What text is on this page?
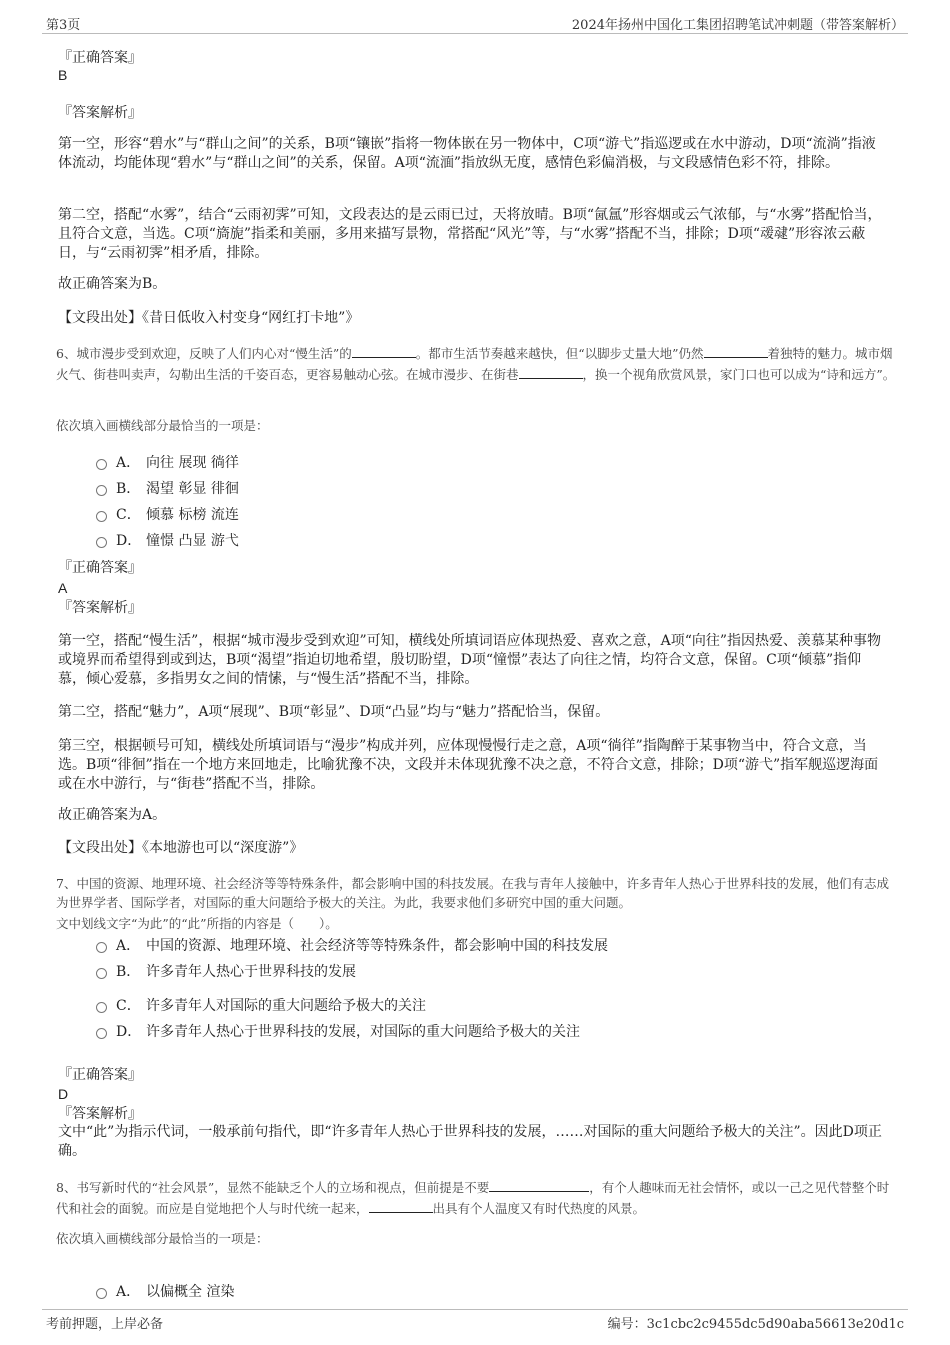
第3页	2024年扬州中国化工集团招聘笔试冲刺题（带答案解析）
『正确答案』
B
『答案解析』
第一空，形容“碧水”与“群山之间”的关系，B项“镶嵌”指将一物体嵌在另一物体中，C项“游弋”指巡逻或在水中游动，D项“流淌”指液体流动，均能体现“碧水”与“群山之间”的关系，保留。A项“流湎”指放纵无度，感情色彩偏消极，与文段感情色彩不符，排除。
第二空，搭配“水雾”，结合“云雨初霁”可知，文段表达的是云雨已过，天将放晴。B项“氤氲”形容烟或云气浓郁，与“水雾”搭配恰当，且符合文意，当选。C项“旖旎”指柔和美丽，多用来描写景物，常搭配“风光”等，与“水雾”搭配不当，排除；D项“叆叇”形容浓云蔽日，与“云雨初霁”相矛盾，排除。
故正确答案为B。
【文段出处】《昔日低收入村变身“网红打卡地”》
6、城市漫步受到欢迎，反映了人们内心对“慢生活”的	。都市生活节奏越来越快，但“以脚步丈量大地”仍然	着独特的魅力。城市烟火气、街巷叫卖声，勾勒出生活的千姿百态，更容易触动心弦。在城市漫步、在街巷	，换一个视角欣赏风景，家门口也可以成为“诗和远方”。
依次填入画横线部分最恰当的一项是：
A． 向往 展现 徜徉
B． 渴望 彰显 徘徊
C． 倾慕 标榜 流连
D． 憧憬 凸显 游弋
『正确答案』
A
『答案解析』
第一空，搭配“慢生活”，根据“城市漫步受到欢迎”可知，横线处所填词语应体现热爱、喜欢之意，A项“向往”指因热爱、羡慕某种事物或境界而希望得到或到达，B项“渴望”指迫切地希望，殷切盼望，D项“憧憬”表达了向往之情，均符合文意，保留。C项“倾慕”指仰慕，倾心爱慕，多指男女之间的情愫，与“慢生活”搭配不当，排除。
第二空，搭配“魅力”，A项“展现”、B项“彰显”、D项“凸显”均与“魅力”搭配恰当，保留。
第三空，根据顿号可知，横线处所填词语与“漫步”构成并列，应体现慢慢行走之意，A项“徜徉”指陶醉于某事物当中，符合文意，当选。B项“徘徊”指在一个地方来回地走，比喻犹豫不决，文段并未体现犹豫不决之意，不符合文意，排除；D项“游弋”指军舰巡逻海面或在水中游行，与“街巷”搭配不当，排除。
故正确答案为A。
【文段出处】《本地游也可以“深度游”》
7、中国的资源、地理环境、社会经济等等特殊条件，都会影响中国的科技发展。在我与青年人接触中，许多青年人热心于世界科技的发展，他们有志成为世界学者、国际学者，对国际的重大问题给予极大的关注。为此，我要求他们多研究中国的重大问题。
文中划线文字“为此”的“此”所指的内容是（　　）。
A． 中国的资源、地理环境、社会经济等等特殊条件，都会影响中国的科技发展
B． 许多青年人热心于世界科技的发展
C． 许多青年人对国际的重大问题给予极大的关注
D． 许多青年人热心于世界科技的发展，对国际的重大问题给予极大的关注
『正确答案』
D
『答案解析』
文中“此”为指示代词，一般承前句指代，即“许多青年人热心于世界科技的发展，……对国际的重大问题给予极大的关注”。因此D项正确。
8、书写新时代的“社会风景”，显然不能缺乏个人的立场和视点，但前提是不要	，有个人趣味而无社会情怀，或以一己之见代替整个时代和社会的面貌。而应是自觉地把个人与时代统一起来，	出具有个人温度又有时代热度的风景。
依次填入画横线部分最恰当的一项是：
A． 以偏概全 渲染
考前押题，上岸必备	编号：3c1cbc2c9455dc5d90aba56613e20d1c
